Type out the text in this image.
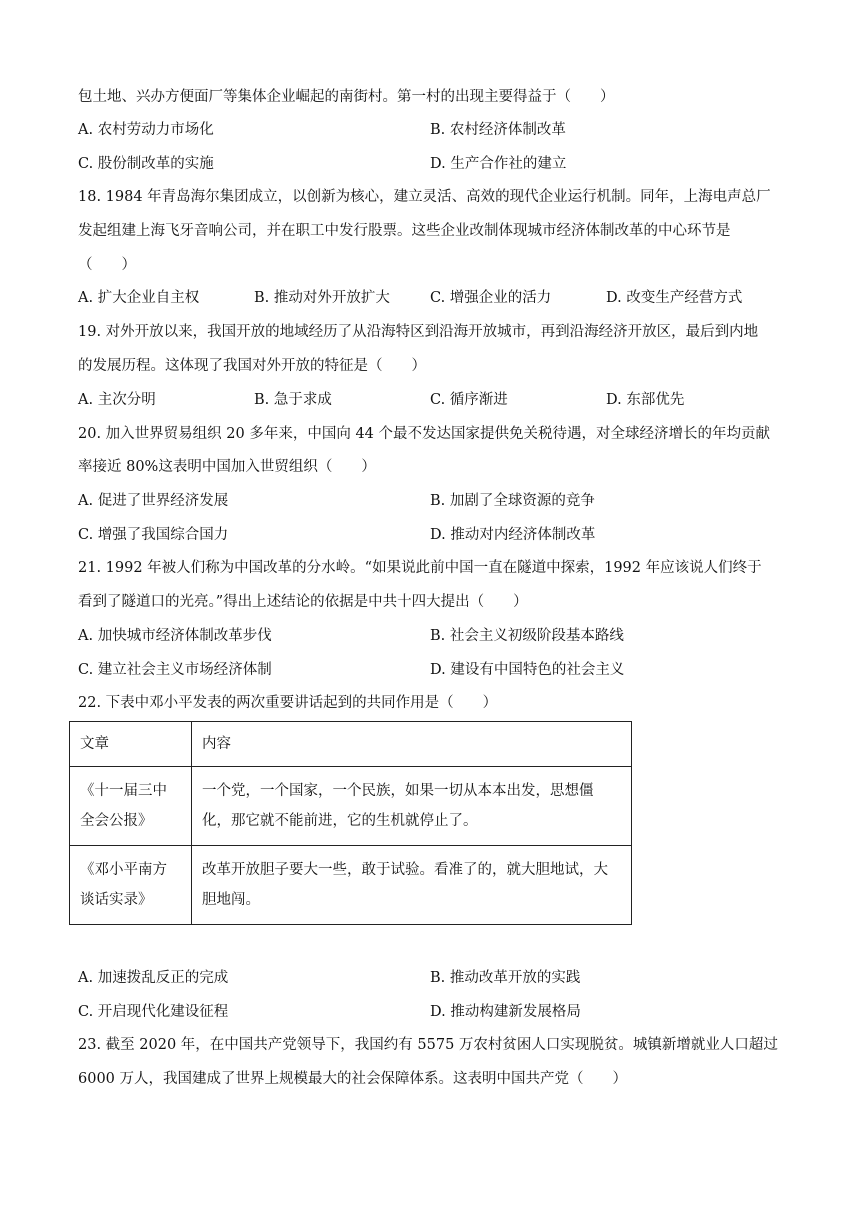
包土地、兴办方便面厂等集体企业崛起的南街村。第一村的出现主要得益于（　　）
A. 农村劳动力市场化	B. 农村经济体制改革
C. 股份制改革的实施	D. 生产合作社的建立
18. 1984 年青岛海尔集团成立，以创新为核心，建立灵活、高效的现代企业运行机制。同年，上海电声总厂
发起组建上海飞牙音响公司，并在职工中发行股票。这些企业改制体现城市经济体制改革的中心环节是
（　　）
A. 扩大企业自主权	B. 推动对外开放扩大	C. 增强企业的活力	D. 改变生产经营方式
19. 对外开放以来，我国开放的地域经历了从沿海特区到沿海开放城市，再到沿海经济开放区，最后到内地
的发展历程。这体现了我国对外开放的特征是（　　）
A. 主次分明	B. 急于求成	C. 循序渐进	D. 东部优先
20. 加入世界贸易组织 20 多年来，中国向 44 个最不发达国家提供免关税待遇，对全球经济增长的年均贡献
率接近 80%这表明中国加入世贸组织（　　）
A. 促进了世界经济发展	B. 加剧了全球资源的竞争
C. 增强了我国综合国力	D. 推动对内经济体制改革
21. 1992 年被人们称为中国改革的分水岭。“如果说此前中国一直在隧道中探索，1992 年应该说人们终于
看到了隧道口的光亮。”得出上述结论的依据是中共十四大提出（　　）
A. 加快城市经济体制改革步伐	B. 社会主义初级阶段基本路线
C. 建立社会主义市场经济体制	D. 建设有中国特色的社会主义
22. 下表中邓小平发表的两次重要讲话起到的共同作用是（　　）
文章	内容
《十一届三中全会公报》	一个党，一个国家，一个民族，如果一切从本本出发，思想僵化，那它就不能前进，它的生机就停止了。
《邓小平南方谈话实录》	改革开放胆子要大一些，敢于试验。看准了的，就大胆地试，大胆地闯。
A. 加速拨乱反正的完成	B. 推动改革开放的实践
C. 开启现代化建设征程	D. 推动构建新发展格局
23. 截至 2020 年，在中国共产党领导下，我国约有 5575 万农村贫困人口实现脱贫。城镇新增就业人口超过
6000 万人，我国建成了世界上规模最大的社会保障体系。这表明中国共产党（　　）
